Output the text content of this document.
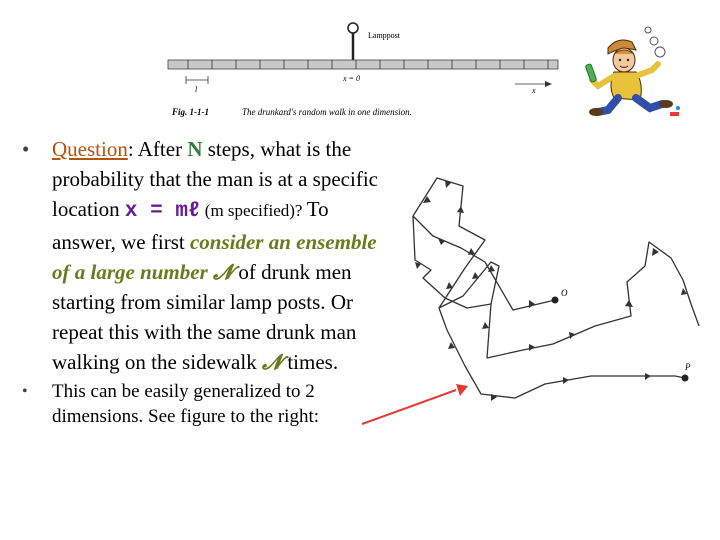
Lamppost
x = 0
l	x
Fig. 1-1-1	The drunkard's random walk in one dimension.
• Question: After N steps, what is the probability that the man is at a specific location x = mℓ (m specified)? To answer, we first consider an ensemble of a large number 𝓝 of drunk men starting from similar lamp posts. Or repeat this with the same drunk man walking on the sidewalk 𝓝 times.
• This can be easily generalized to 2 dimensions. See figure to the right:
O
P
